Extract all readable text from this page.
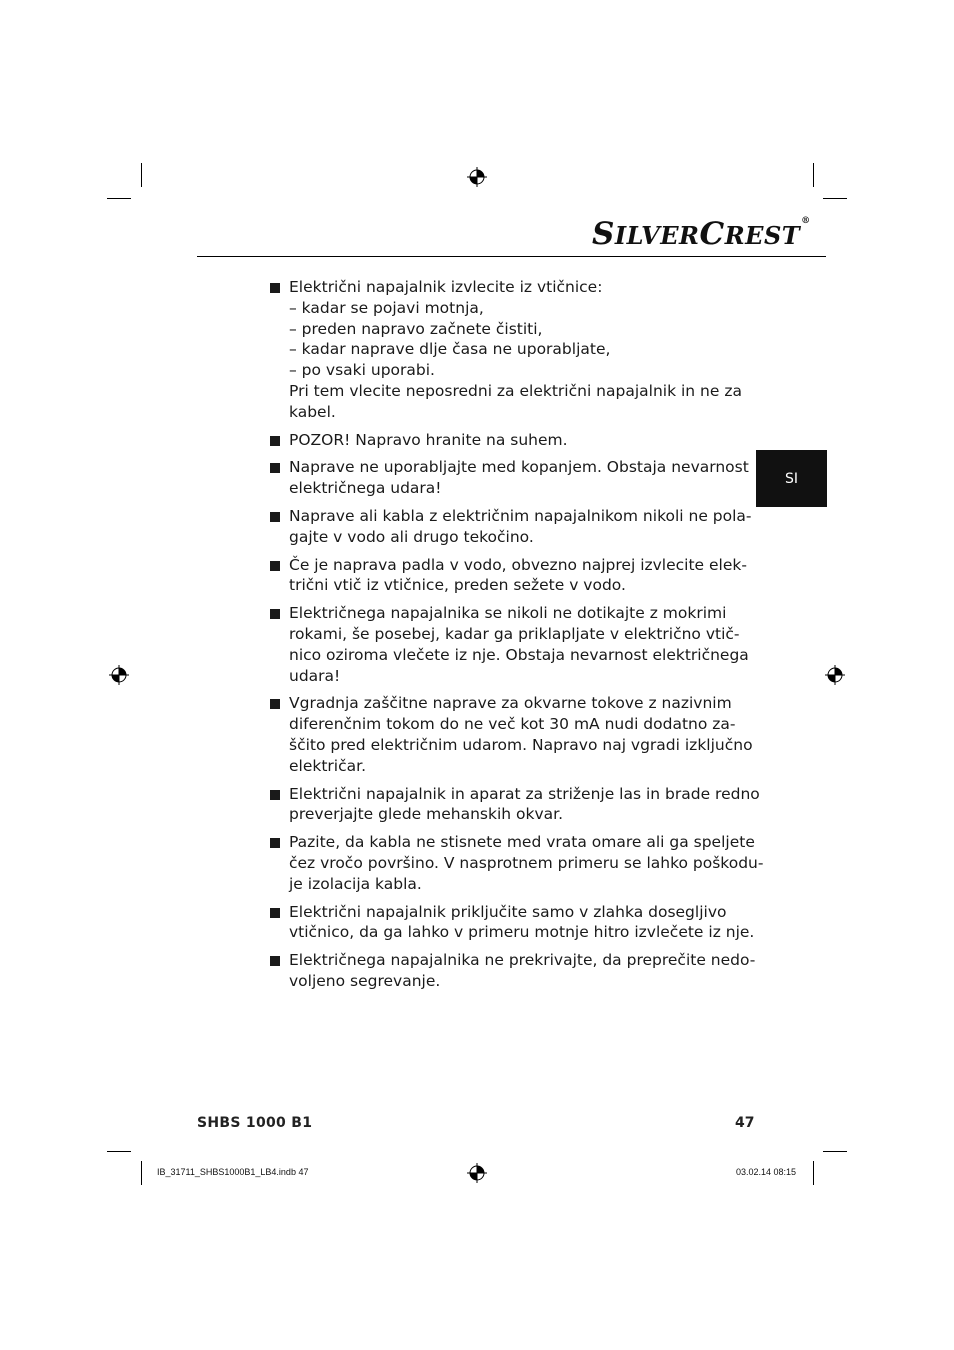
SILVERCREST®
SI
Električni napajalnik izvlecite iz vtičnice:
– kadar se pojavi motnja,
– preden napravo začnete čistiti,
– kadar naprave dlje časa ne uporabljate,
– po vsaki uporabi.
Pri tem vlecite neposredni za električni napajalnik in ne za
kabel.
POZOR! Napravo hranite na suhem.
Naprave ne uporabljajte med kopanjem. Obstaja nevarnost
električnega udara!
Naprave ali kabla z električnim napajalnikom nikoli ne pola-
gajte v vodo ali drugo tekočino.
Če je naprava padla v vodo, obvezno najprej izvlecite elek-
trični vtič iz vtičnice, preden sežete v vodo.
Električnega napajalnika se nikoli ne dotikajte z mokrimi
rokami, še posebej, kadar ga priklapljate v električno vtič-
nico oziroma vlečete iz nje. Obstaja nevarnost električnega
udara!
Vgradnja zaščitne naprave za okvarne tokove z nazivnim
diferenčnim tokom do ne več kot 30 mA nudi dodatno za-
ščito pred električnim udarom. Napravo naj vgradi izključno
električar.
Električni napajalnik in aparat za striženje las in brade redno
preverjajte glede mehanskih okvar.
Pazite, da kabla ne stisnete med vrata omare ali ga speljete
čez vročo površino. V nasprotnem primeru se lahko poškodu-
je izolacija kabla.
Električni napajalnik priključite samo v zlahka dosegljivo
vtičnico, da ga lahko v primeru motnje hitro izvlečete iz nje.
Električnega napajalnika ne prekrivajte, da preprečite nedo-
voljeno segrevanje.
SHBS 1000 B1	47
IB_31711_SHBS1000B1_LB4.indb 47	03.02.14 08:15
